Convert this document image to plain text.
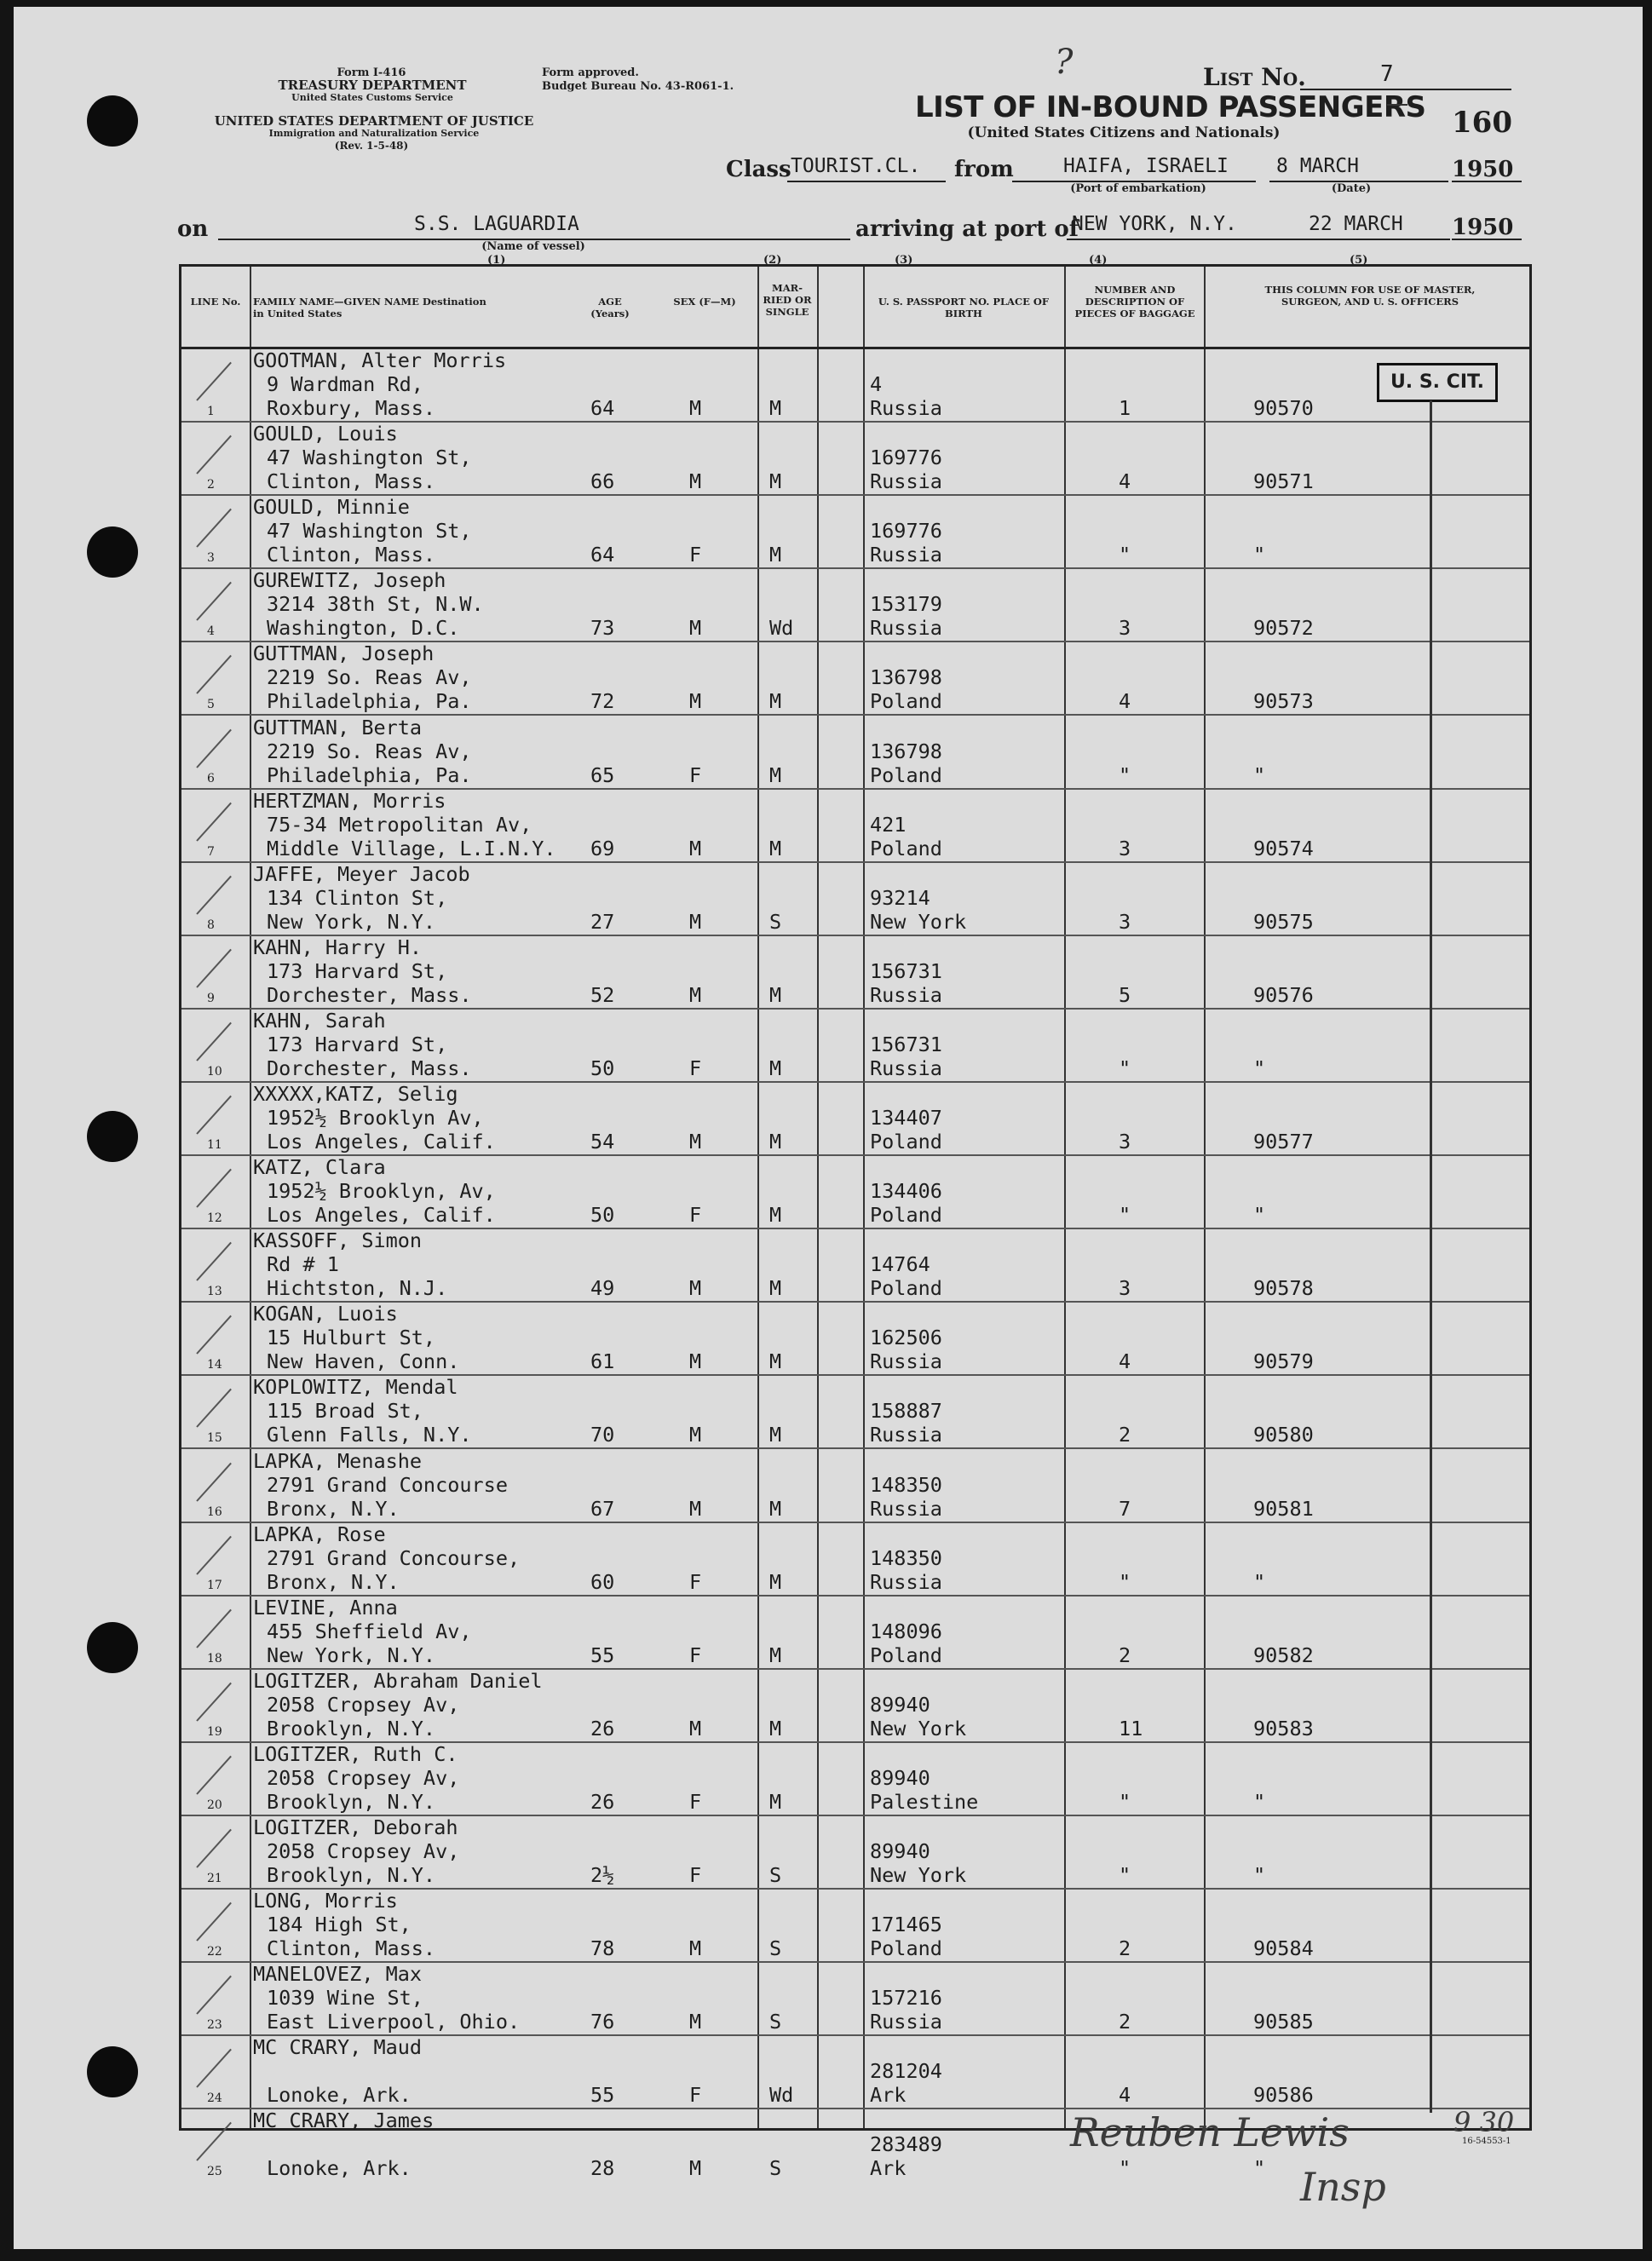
Form I-416
TREASURY DEPARTMENT
United States Customs Service
UNITED STATES DEPARTMENT OF JUSTICE
Immigration and Naturalization Service
(Rev. 1-5-48)
Form approved.
Budget Bureau No. 43-R061-1.
LIST OF IN-BOUND PASSENGERS
(United States Citizens and Nationals)
?	List No.	7
160
Class TOURIST.CL. from	HAIFA, ISRAELI
(Port of embarkation)
8 MARCH
(Date)
1950
on	S.S. LAGUARDIA
(Name of vessel)
arriving at port of
NEW YORK, N.Y.	22 MARCH 1950
(1)	(2)	(3)	(4)	(5)
LINE No.	FAMILY NAME—GIVEN NAME Destination in United States
AGE (Years)
SEX (F—M)
MAR-RIED OR SINGLE
U. S. PASSPORT NO. PLACE OF BIRTH
NUMBER AND DESCRIPTION OF PIECES OF BAGGAGE
THIS COLUMN FOR USE OF MASTER, SURGEON, AND U. S. OFFICERS
1
GOOTMAN, Alter Morris
9 Wardman Rd,
Roxbury, Mass.	64	M	M
4
Russia	1	90570
2
GOULD, Louis
47 Washington St,
Clinton, Mass.	66	M	M
169776
Russia	4	90571
3
GOULD, Minnie
47 Washington St,
Clinton, Mass.	64	F	M
169776
Russia	"	"
4
GUREWITZ, Joseph
3214 38th St, N.W.
Washington, D.C.	73	M	Wd
153179
Russia	3	90572
5
GUTTMAN, Joseph
2219 So. Reas Av,
Philadelphia, Pa.	72	M	M
136798
Poland	4	90573
6
GUTTMAN, Berta
2219 So. Reas Av,
Philadelphia, Pa.	65	F	M
136798
Poland	"	"
7
HERTZMAN, Morris
75-34 Metropolitan Av,
Middle Village, L.I.N.Y. 69	M	M
421
Poland	3	90574
8
JAFFE, Meyer Jacob
134 Clinton St,
New York, N.Y.	27	M	S
93214
New York	3	90575
9
KAHN, Harry H.
173 Harvard St,
Dorchester, Mass.	52	M	M
156731
Russia	5	90576
10
KAHN, Sarah
173 Harvard St,
Dorchester, Mass.	50	F	M
156731
Russia	"	"
11
XXXXX,KATZ, Selig
1952½ Brooklyn Av,
Los Angeles, Calif.	54	M	M
134407
Poland	3	90577
12
KATZ, Clara
1952½ Brooklyn, Av,
Los Angeles, Calif.	50	F	M
134406
Poland	"	"
13
KASSOFF, Simon
Rd # 1
Hichtston, N.J.	49	M	M
14764
Poland	3	90578
14
KOGAN, Luois
15 Hulburt St,
New Haven, Conn.	61	M	M
162506
Russia	4	90579
15
KOPLOWITZ, Mendal
115 Broad St,
Glenn Falls, N.Y.	70	M	M
158887
Russia	2	90580
16
LAPKA, Menashe
2791 Grand Concourse
Bronx, N.Y.	67	M	M
148350
Russia	7	90581
17
LAPKA, Rose
2791 Grand Concourse,
Bronx, N.Y.	60	F	M
148350
Russia	"	"
18
LEVINE, Anna
455 Sheffield Av,
New York, N.Y.	55	F	M
148096
Poland	2	90582
19
LOGITZER, Abraham Daniel
2058 Cropsey Av,
Brooklyn, N.Y.	26	M	M
89940
New York	11	90583
20
LOGITZER, Ruth C.
2058 Cropsey Av,
Brooklyn, N.Y.	26	F	M
89940
Palestine	"	"
21
LOGITZER, Deborah
2058 Cropsey Av,
Brooklyn, N.Y.	2½	F	S
89940
New York	"	"
22
LONG, Morris
184 High St,
Clinton, Mass.	78	M	S
171465
Poland	2	90584
23
MANELOVEZ, Max
1039 Wine St,
East Liverpool, Ohio.	76	M	S
157216
Russia	2	90585
24
MC CRARY, Maud
Lonoke, Ark.	55	F	Wd
281204
Ark	4	90586
25
MC CRARY, James
Lonoke, Ark.	28	M	S
283489
Ark	"	"
U. S. CIT.
Reuben Lewis	9 30
Insp
16-54553-1
